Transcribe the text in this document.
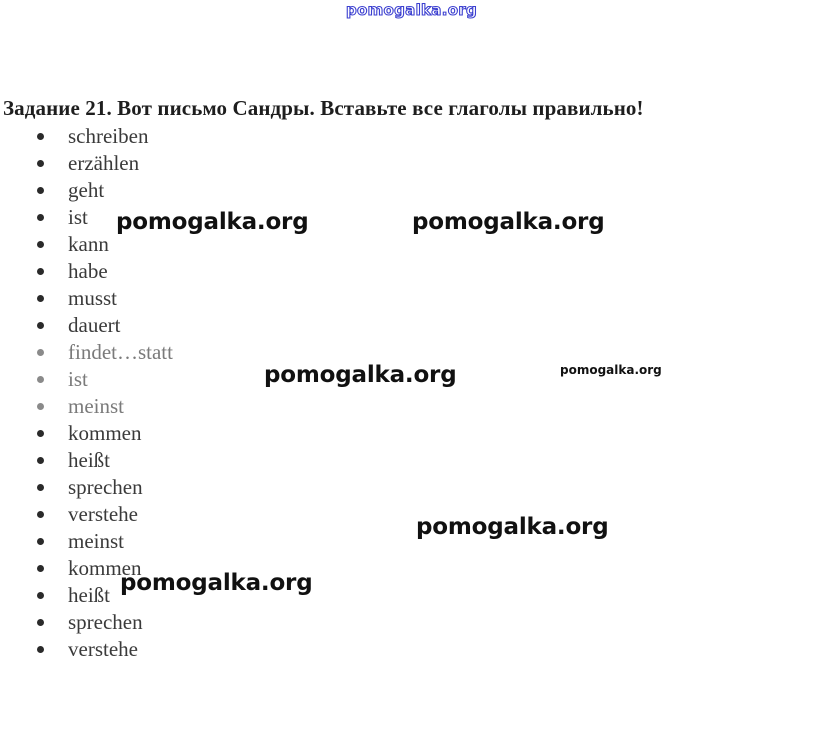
pomogalka.org
Задание 21. Вот письмо Сандры. Вставьте все глаголы правильно!
schreiben
erzählen
geht
ist
kann
habe
musst
dauert
findet…statt
ist
meinst
kommen
heißt
sprechen
verstehe
meinst
kommen
heißt
sprechen
verstehe
pomogalka.org	pomogalka.org
pomogalka.org	pomogalka.org
pomogalka.org
pomogalka.org
